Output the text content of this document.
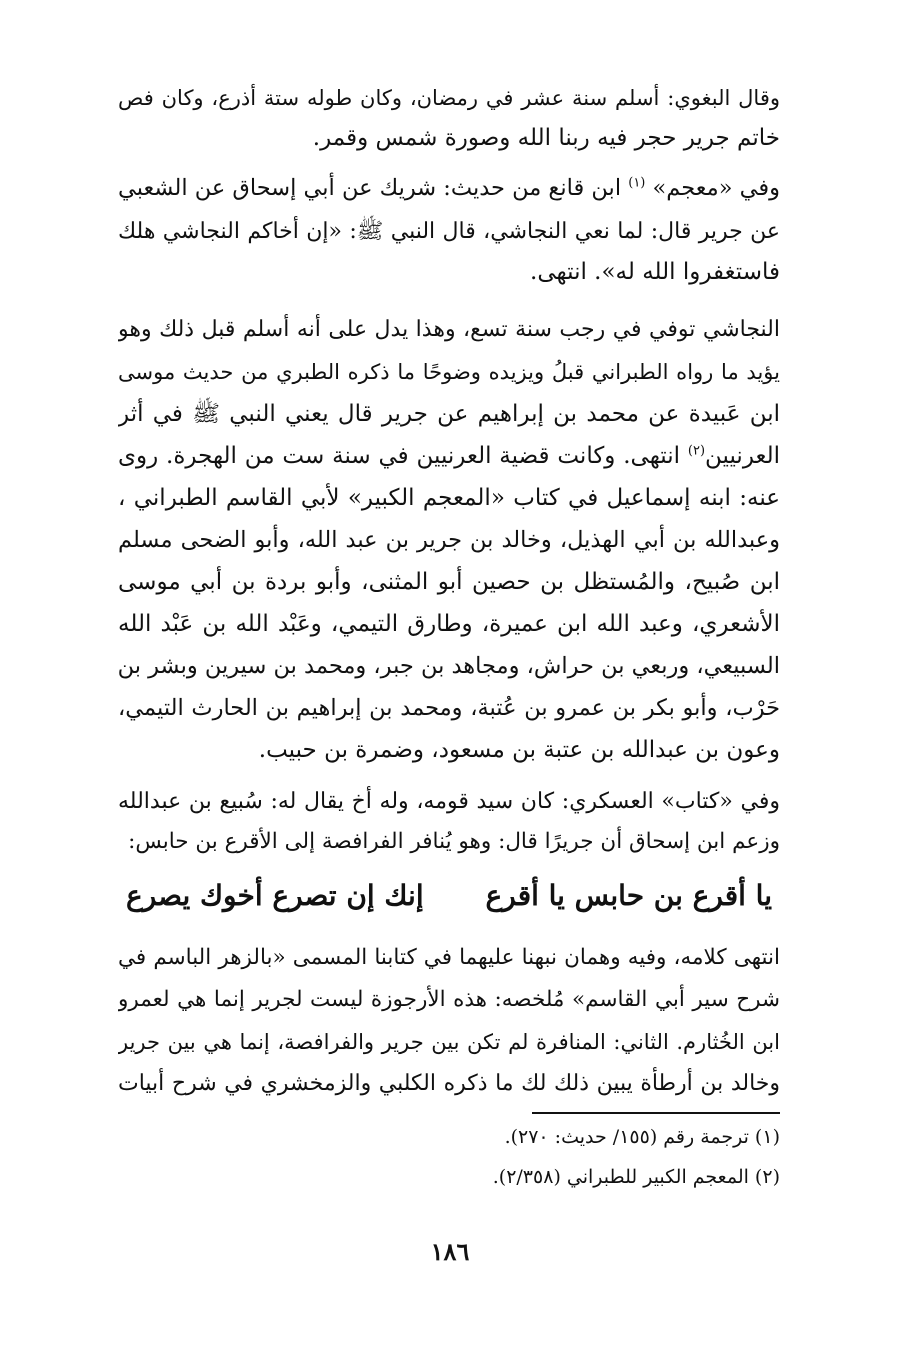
وقال البغوي: أسلم سنة عشر في رمضان، وكان طوله ستة أذرع، وكان فص
خاتم جرير حجر فيه ربنا الله وصورة شمس وقمر.
وفي «معجم» $^{(١)}$ ابن قانع من حديث: شريك عن أبي إسحاق عن الشعبي
عن جرير قال: لما نعي النجاشي، قال النبي ﷺ: «إن أخاكم النجاشي هلك
فاستغفروا الله له». انتهى.
النجاشي توفي في رجب سنة تسع، وهذا يدل على أنه أسلم قبل ذلك وهو
يؤيد ما رواه الطبراني قبلُ ويزيده وضوحًا ما ذكره الطبري من حديث موسى
ابن عَبيدة عن محمد بن إبراهيم عن جرير قال يعني النبي ﷺ في أثر
العرنيين$^{(٢)}$ انتهى. وكانت قضية العرنيين في سنة ست من الهجرة. روى
عنه: ابنه إسماعيل في كتاب «المعجم الكبير» لأبي القاسم الطبراني ،
وعبدالله بن أبي الهذيل، وخالد بن جرير بن عبد الله، وأبو الضحى مسلم
ابن صُبيح، والمُستظل بن حصين أبو المثنى، وأبو بردة بن أبي موسى
الأشعري، وعبد الله ابن عميرة، وطارق التيمي، وعَبْد الله بن عَبْد الله
السبيعي، وربعي بن حراش، ومجاهد بن جبر، ومحمد بن سيرين وبشر بن
حَرْب، وأبو بكر بن عمرو بن عُتبة، ومحمد بن إبراهيم بن الحارث التيمي،
وعون بن عبدالله بن عتبة بن مسعود، وضمرة بن حبيب.
وفي «كتاب» العسكري: كان سيد قومه، وله أخ يقال له: سُبيع بن عبدالله
وزعم ابن إسحاق أن جريرًا قال: وهو يُنافر الفرافصة إلى الأقرع بن حابس:
يا أقرع بن حابس يا أقرع
إنك إن تصرع أخوك يصرع
انتهى كلامه، وفيه وهمان نبهنا عليهما في كتابنا المسمى «بالزهر الباسم في
شرح سير أبي القاسم» مُلخصه: هذه الأرجوزة ليست لجرير إنما هي لعمرو
ابن الخُثارم. الثاني: المنافرة لم تكن بين جرير والفرافصة، إنما هي بين جرير
وخالد بن أرطأة يبين ذلك لك ما ذكره الكلبي والزمخشري في شرح أبيات
(١) ترجمة رقم (١٥٥/ حديث: ٢٧٠).
(٢) المعجم الكبير للطبراني (٢/٣٥٨).
١٨٦
